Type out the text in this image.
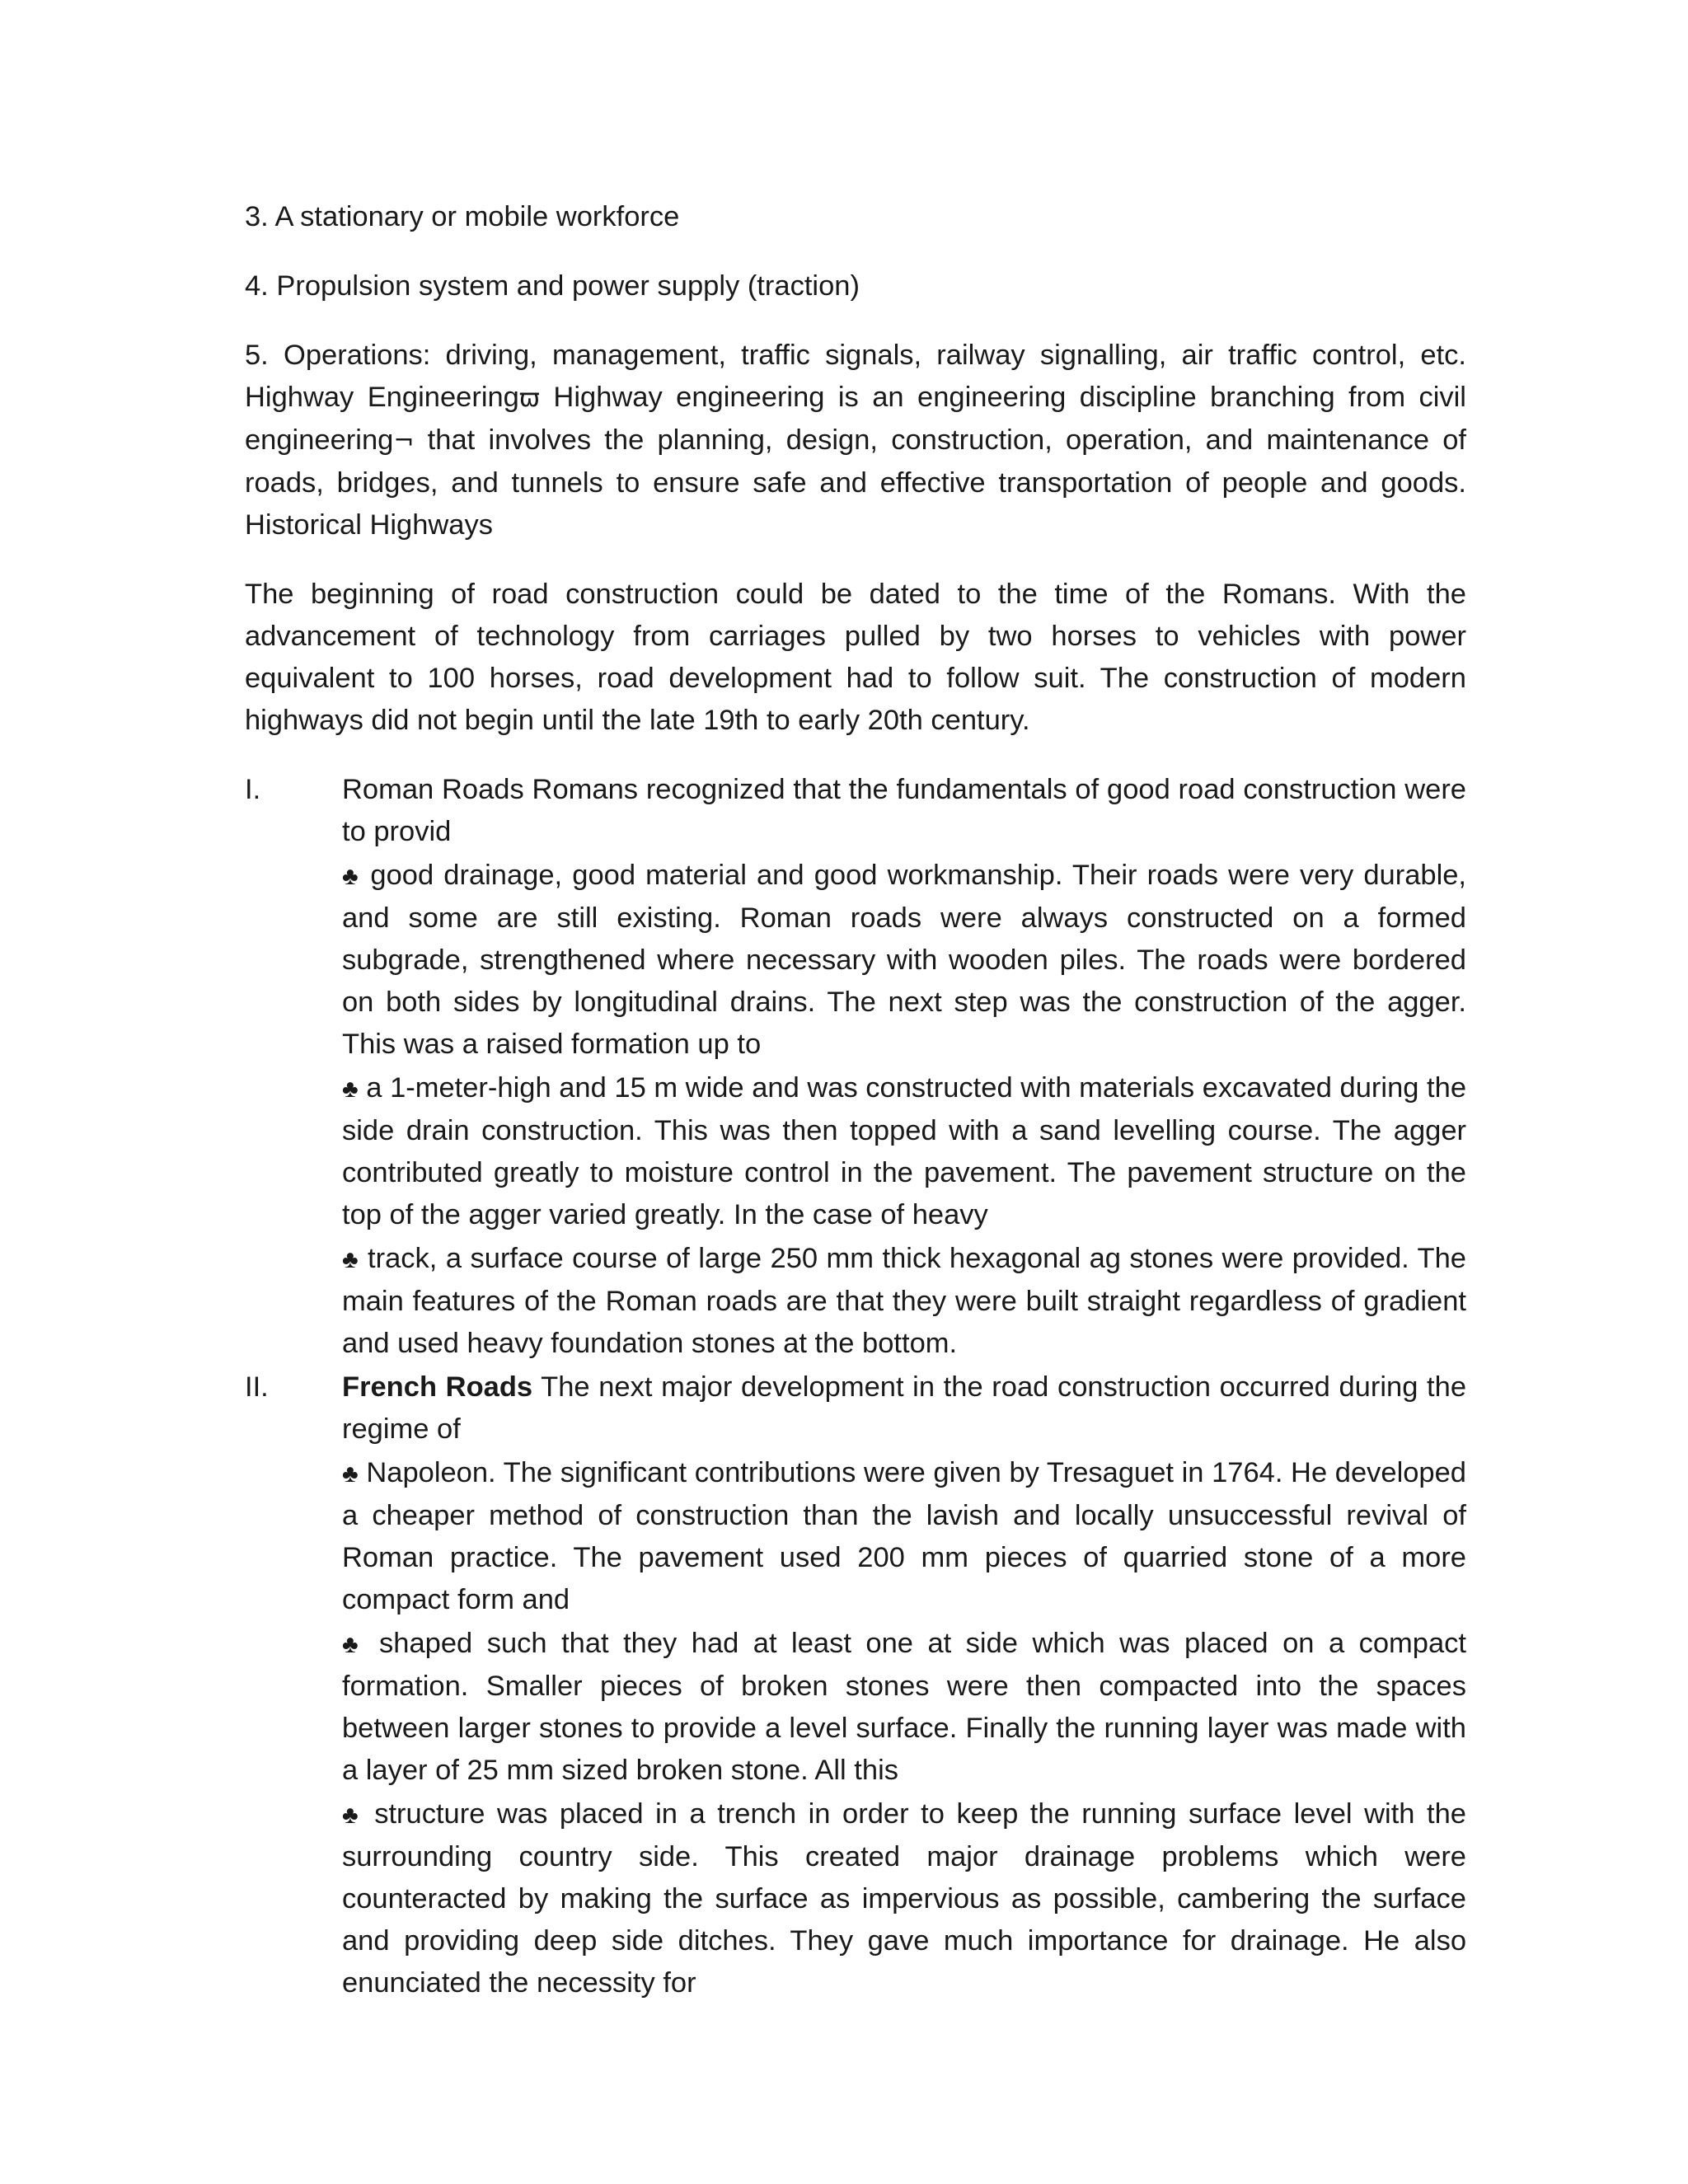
3. A stationary or mobile workforce

4. Propulsion system and power supply (traction)

5. Operations: driving, management, traffic signals, railway signalling, air traffic control, etc. Highway Engineeringϖ Highway engineering is an engineering discipline branching from civil engineering¬ that involves the planning, design, construction, operation, and maintenance of roads, bridges, and tunnels to ensure safe and effective transportation of people and goods. Historical Highways

The beginning of road construction could be dated to the time of the Romans. With the advancement of technology from carriages pulled by two horses to vehicles with power equivalent to 100 horses, road development had to follow suit. The construction of modern highways did not begin until the late 19th to early 20th century.

I.	Roman Roads Romans recognized that the fundamentals of good road construction were to provid

♣ good drainage, good material and good workmanship. Their roads were very durable, and some are still existing. Roman roads were always constructed on a formed subgrade, strengthened where necessary with wooden piles. The roads were bordered on both sides by longitudinal drains. The next step was the construction of the agger. This was a raised formation up to

♣ a 1-meter-high and 15 m wide and was constructed with materials excavated during the side drain construction. This was then topped with a sand levelling course. The agger contributed greatly to moisture control in the pavement. The pavement structure on the top of the agger varied greatly. In the case of heavy

♣ track, a surface course of large 250 mm thick hexagonal ag stones were provided. The main features of the Roman roads are that they were built straight regardless of gradient and used heavy foundation stones at the bottom.

II.	French Roads The next major development in the road construction occurred during the regime of

♣ Napoleon. The significant contributions were given by Tresaguet in 1764. He developed a cheaper method of construction than the lavish and locally unsuccessful revival of Roman practice. The pavement used 200 mm pieces of quarried stone of a more compact form and

♣ shaped such that they had at least one at side which was placed on a compact formation. Smaller pieces of broken stones were then compacted into the spaces between larger stones to provide a level surface. Finally the running layer was made with a layer of 25 mm sized broken stone. All this

♣ structure was placed in a trench in order to keep the running surface level with the surrounding country side. This created major drainage problems which were counteracted by making the surface as impervious as possible, cambering the surface and providing deep side ditches. They gave much importance for drainage. He also enunciated the necessity for
